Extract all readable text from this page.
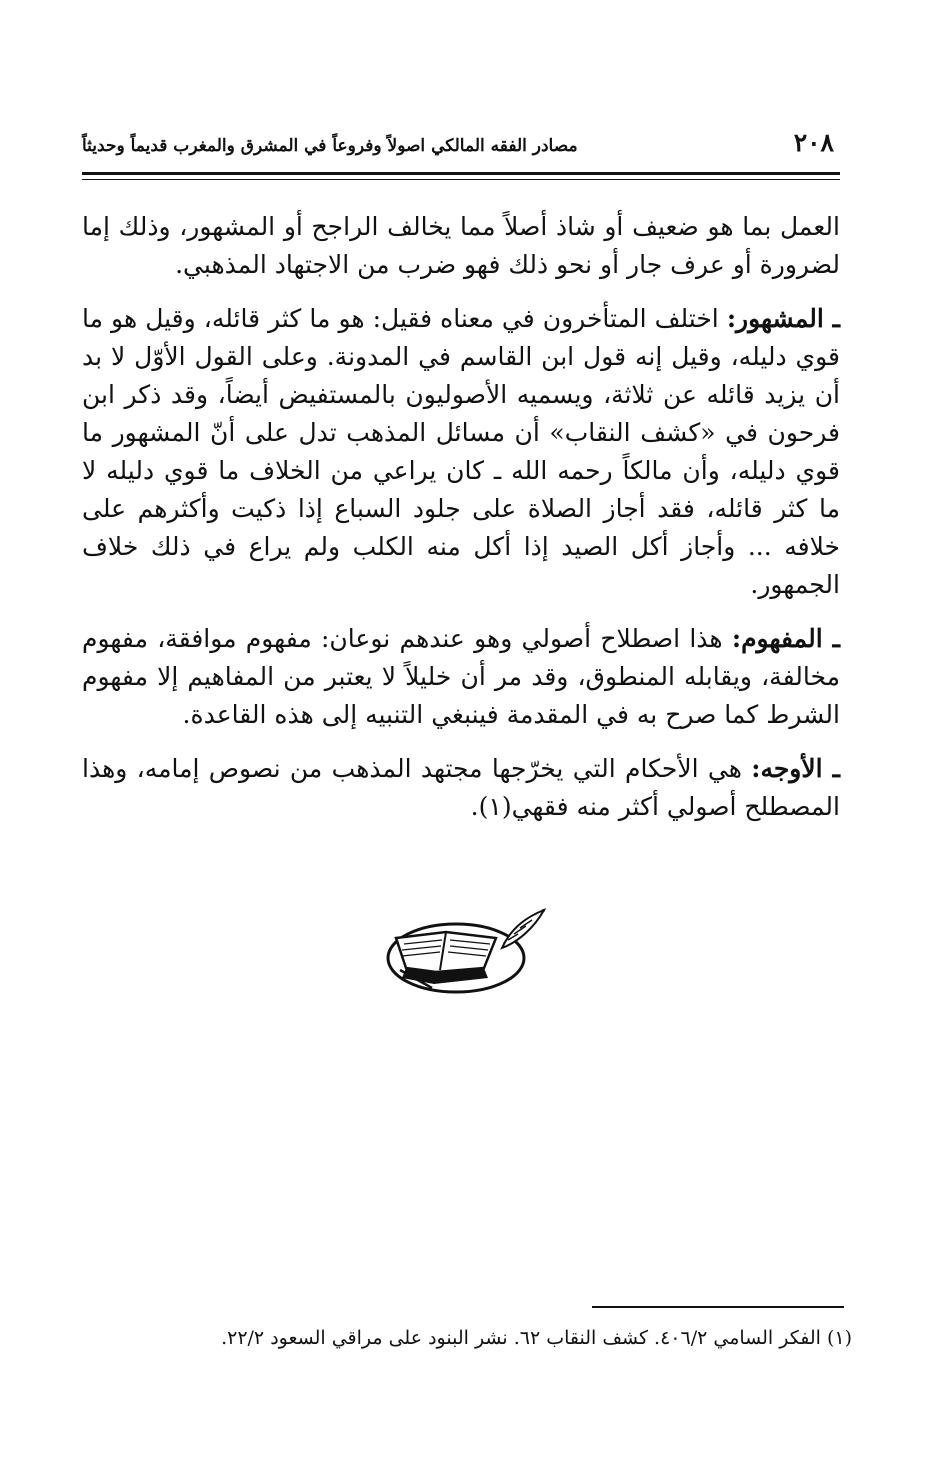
٢٠٨
مصادر الفقه المالكي اصولاً وفروعاً في المشرق والمغرب قديماً وحديثاً

العمل بما هو ضعيف أو شاذ أصلاً مما يخالف الراجح أو المشهور، وذلك إما لضرورة أو عرف جار أو نحو ذلك فهو ضرب من الاجتهاد المذهبي.

ـ المشهور: اختلف المتأخرون في معناه فقيل: هو ما كثر قائله، وقيل هو ما قوي دليله، وقيل إنه قول ابن القاسم في المدونة. وعلى القول الأوّل لا بد أن يزيد قائله عن ثلاثة، ويسميه الأصوليون بالمستفيض أيضاً، وقد ذكر ابن فرحون في «كشف النقاب» أن مسائل المذهب تدل على أنّ المشهور ما قوي دليله، وأن مالكاً رحمه الله ـ كان يراعي من الخلاف ما قوي دليله لا ما كثر قائله، فقد أجاز الصلاة على جلود السباع إذا ذكيت وأكثرهم على خلافه ... وأجاز أكل الصيد إذا أكل منه الكلب ولم يراع في ذلك خلاف الجمهور.

ـ المفهوم: هذا اصطلاح أصولي وهو عندهم نوعان: مفهوم موافقة، مفهوم مخالفة، ويقابله المنطوق، وقد مر أن خليلاً لا يعتبر من المفاهيم إلا مفهوم الشرط كما صرح به في المقدمة فينبغي التنبيه إلى هذه القاعدة.

ـ الأوجه: هي الأحكام التي يخرّجها مجتهد المذهب من نصوص إمامه، وهذا المصطلح أصولي أكثر منه فقهي(١).

(١) الفكر السامي ٤٠٦/٢. كشف النقاب ٦٢. نشر البنود على مراقي السعود ٢٢/٢.
